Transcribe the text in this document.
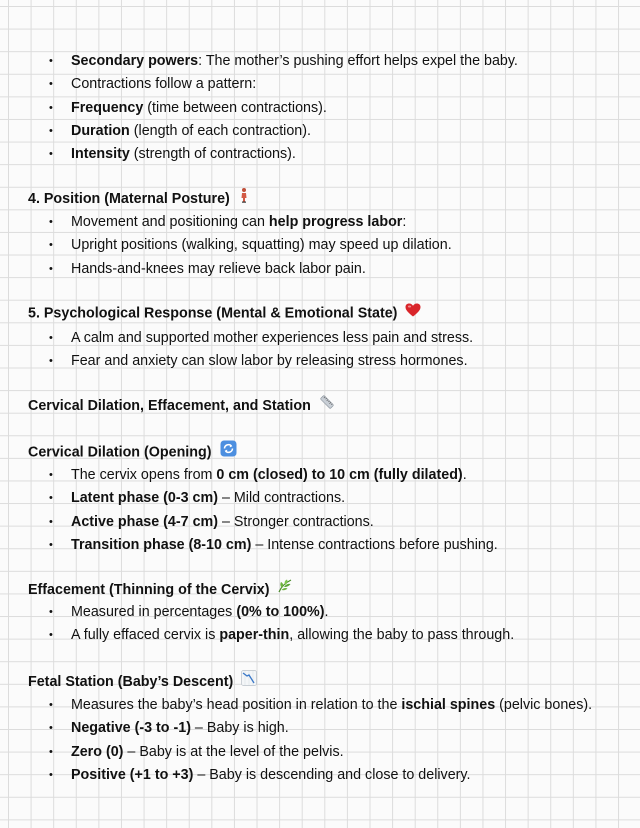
• Secondary powers: The mother’s pushing effort helps expel the baby.
• Contractions follow a pattern:
• Frequency (time between contractions).
• Duration (length of each contraction).
• Intensity (strength of contractions).
4. Position (Maternal Posture)
• Movement and positioning can help progress labor:
• Upright positions (walking, squatting) may speed up dilation.
• Hands-and-knees may relieve back labor pain.
5. Psychological Response (Mental & Emotional State)
• A calm and supported mother experiences less pain and stress.
• Fear and anxiety can slow labor by releasing stress hormones.
Cervical Dilation, Effacement, and Station
Cervical Dilation (Opening)
• The cervix opens from 0 cm (closed) to 10 cm (fully dilated).
• Latent phase (0-3 cm) – Mild contractions.
• Active phase (4-7 cm) – Stronger contractions.
• Transition phase (8-10 cm) – Intense contractions before pushing.
Effacement (Thinning of the Cervix)
• Measured in percentages (0% to 100%).
• A fully effaced cervix is paper-thin, allowing the baby to pass through.
Fetal Station (Baby’s Descent)
• Measures the baby’s head position in relation to the ischial spines (pelvic bones).
• Negative (-3 to -1) – Baby is high.
• Zero (0) – Baby is at the level of the pelvis.
• Positive (+1 to +3) – Baby is descending and close to delivery.
